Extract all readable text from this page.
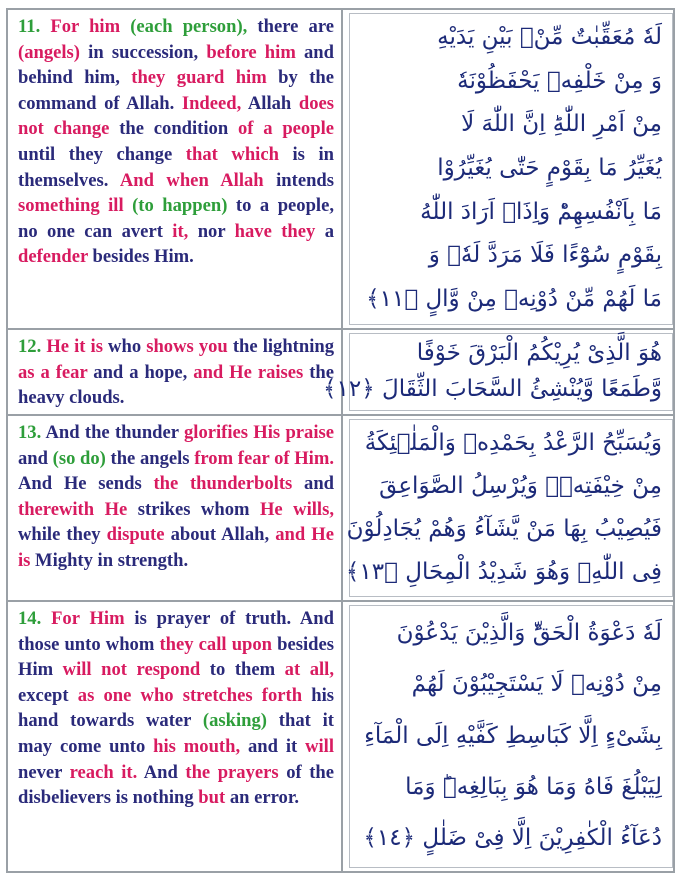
11. For him (each person), there are (angels) in succession, before him and behind him, they guard him by the command of Allah. Indeed, Allah does not change the condition of a people until they change that which is in themselves. And when Allah intends something ill (to happen) to a people, no one can avert it, nor have they a defender besides Him.
لَهٗ مُعَقِّبٰتٌ مِّنْۢ بَيْنِ يَدَيْهِ
وَ مِنْ خَلْفِهٖ يَحْفَظُوْنَهٗ
مِنْ اَمْرِ اللّٰهِؕ اِنَّ اللّٰهَ لَا
يُغَيِّرُ مَا بِقَوْمٍ حَتّٰى يُغَيِّرُوْا
مَا بِاَنْفُسِهِمْؕ وَاِذَاۤ اَرَادَ اللّٰهُ
بِقَوْمٍ سُوْٓءًا فَلَا مَرَدَّ لَهٗۚ وَ
مَا لَهُمْ مِّنْ دُوْنِهٖ مِنْ وَّالٍ ﴿١١﴾
12. He it is who shows you the lightning as a fear and a hope, and He raises the heavy clouds.
هُوَ الَّذِىْ يُرِيْكُمُ الْبَرْقَ خَوْفًا
وَّطَمَعًا وَّيُنْشِئُ السَّحَابَ الثِّقَالَ ﴿١٢﴾
13. And the thunder glorifies His praise and (so do) the angels from fear of Him. And He sends the thunderbolts and therewith He strikes whom He wills, while they dispute about Allah, and He is Mighty in strength.
وَيُسَبِّحُ الرَّعْدُ بِحَمْدِهٖ وَالْمَلٰۤئِكَةُ
مِنْ خِيْفَتِهٖۚ وَيُرْسِلُ الصَّوَاعِقَ
فَيُصِيْبُ بِهَا مَنْ يَّشَآءُ وَهُمْ يُجَادِلُوْنَ
فِى اللّٰهِۚ وَهُوَ شَدِيْدُ الْمِحَالِ ﴿١٣﴾
14. For Him is prayer of truth. And those unto whom they call upon besides Him will not respond to them at all, except as one who stretches forth his hand towards water (asking) that it may come unto his mouth, and it will never reach it. And the prayers of the disbelievers is nothing but an error.
لَهٗ دَعْوَةُ الْحَقِّؕ وَالَّذِيْنَ يَدْعُوْنَ
مِنْ دُوْنِهٖ لَا يَسْتَجِيْبُوْنَ لَهُمْ
بِشَىْءٍ اِلَّا كَبَاسِطِ كَفَّيْهِ اِلَى الْمَآءِ
لِيَبْلُغَ فَاهُ وَمَا هُوَ بِبَالِغِهٖؕ وَمَا
دُعَآءُ الْكٰفِرِيْنَ اِلَّا فِىْ ضَلٰلٍ ﴿١٤﴾
